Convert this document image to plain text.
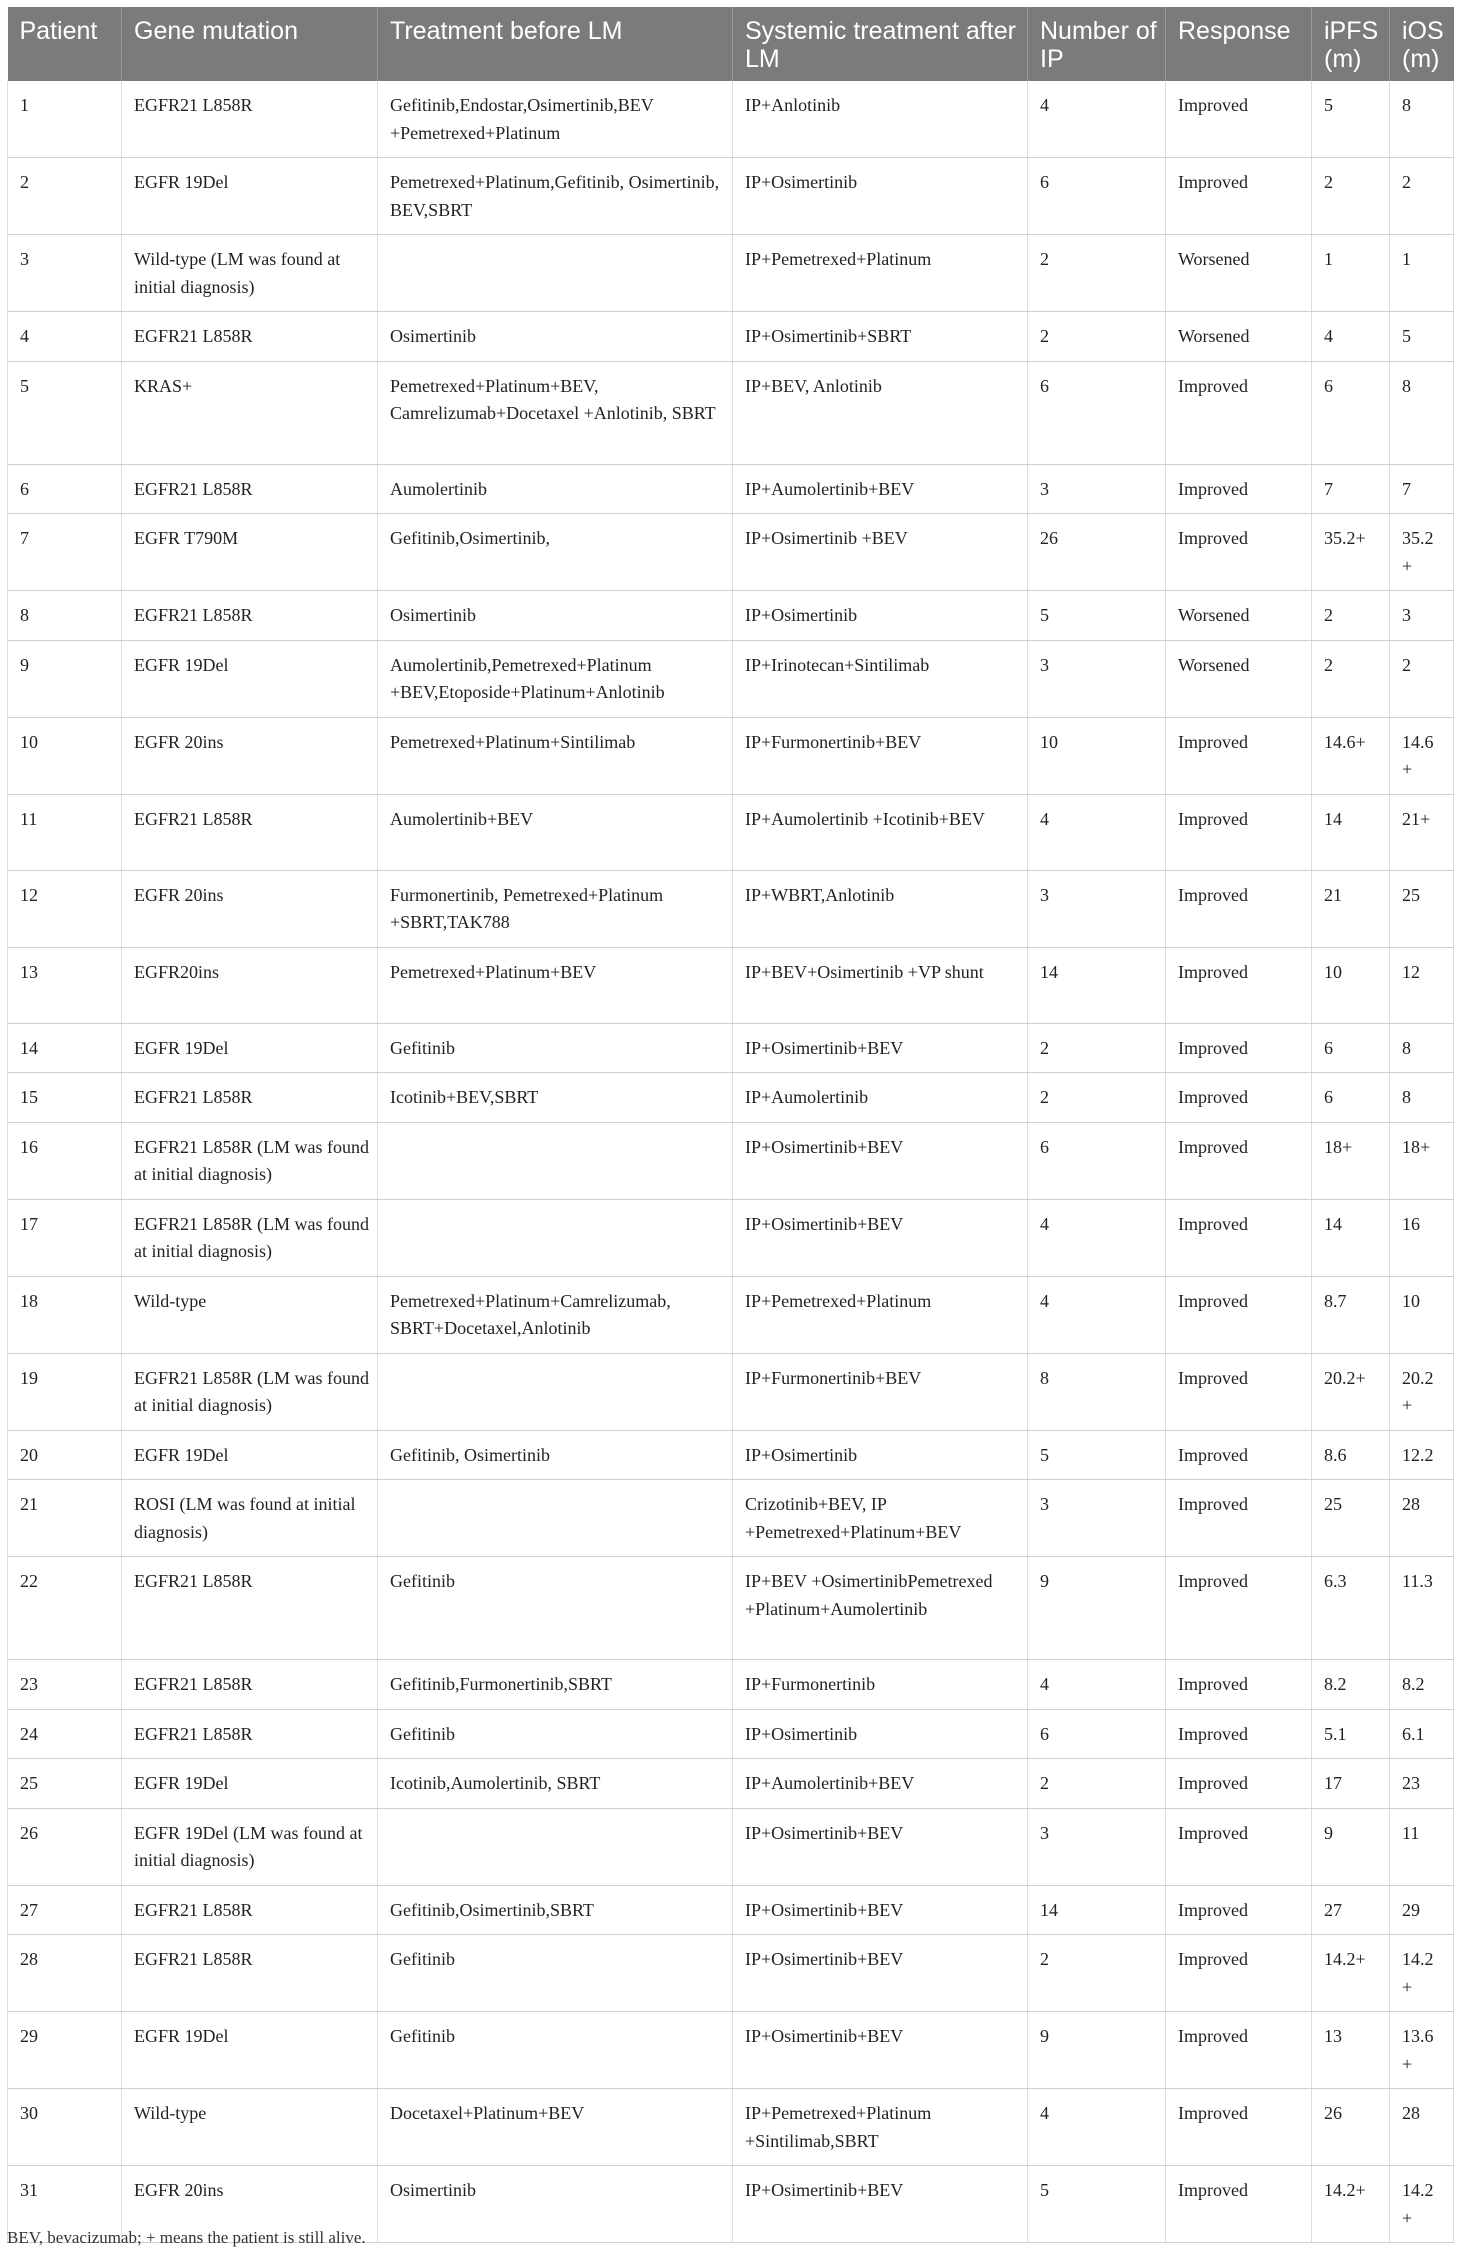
Patient	Gene mutation	Treatment before LM	Systemic treatment after LM	Number of IP	Response	iPFS (m)	iOS (m)
1	EGFR21 L858R	Gefitinib,Endostar,Osimertinib,BEV +Pemetrexed+Platinum	IP+Anlotinib	4	Improved	5	8
2	EGFR 19Del	Pemetrexed+Platinum,Gefitinib, Osimertinib, BEV,SBRT	IP+Osimertinib	6	Improved	2	2
3	Wild-type (LM was found at initial diagnosis)		IP+Pemetrexed+Platinum	2	Worsened	1	1
4	EGFR21 L858R	Osimertinib	IP+Osimertinib+SBRT	2	Worsened	4	5
5	KRAS+	Pemetrexed+Platinum+BEV, Camrelizumab+Docetaxel +Anlotinib, SBRT	IP+BEV, Anlotinib	6	Improved	6	8
6	EGFR21 L858R	Aumolertinib	IP+Aumolertinib+BEV	3	Improved	7	7
7	EGFR T790M	Gefitinib,Osimertinib,	IP+Osimertinib +BEV	26	Improved	35.2+	35.2 +
8	EGFR21 L858R	Osimertinib	IP+Osimertinib	5	Worsened	2	3
9	EGFR 19Del	Aumolertinib,Pemetrexed+Platinum +BEV,Etoposide+Platinum+Anlotinib	IP+Irinotecan+Sintilimab	3	Worsened	2	2
10	EGFR 20ins	Pemetrexed+Platinum+Sintilimab	IP+Furmonertinib+BEV	10	Improved	14.6+	14.6 +
11	EGFR21 L858R	Aumolertinib+BEV	IP+Aumolertinib +Icotinib+BEV	4	Improved	14	21+
12	EGFR 20ins	Furmonertinib, Pemetrexed+Platinum +SBRT,TAK788	IP+WBRT,Anlotinib	3	Improved	21	25
13	EGFR20ins	Pemetrexed+Platinum+BEV	IP+BEV+Osimertinib +VP shunt	14	Improved	10	12
14	EGFR 19Del	Gefitinib	IP+Osimertinib+BEV	2	Improved	6	8
15	EGFR21 L858R	Icotinib+BEV,SBRT	IP+Aumolertinib	2	Improved	6	8
16	EGFR21 L858R (LM was found at initial diagnosis)		IP+Osimertinib+BEV	6	Improved	18+	18+
17	EGFR21 L858R (LM was found at initial diagnosis)		IP+Osimertinib+BEV	4	Improved	14	16
18	Wild-type	Pemetrexed+Platinum+Camrelizumab, SBRT+Docetaxel,Anlotinib	IP+Pemetrexed+Platinum	4	Improved	8.7	10
19	EGFR21 L858R (LM was found at initial diagnosis)		IP+Furmonertinib+BEV	8	Improved	20.2+	20.2 +
20	EGFR 19Del	Gefitinib, Osimertinib	IP+Osimertinib	5	Improved	8.6	12.2
21	ROSI (LM was found at initial diagnosis)		Crizotinib+BEV, IP +Pemetrexed+Platinum+BEV	3	Improved	25	28
22	EGFR21 L858R	Gefitinib	IP+BEV +OsimertinibPemetrexed +Platinum+Aumolertinib	9	Improved	6.3	11.3
23	EGFR21 L858R	Gefitinib,Furmonertinib,SBRT	IP+Furmonertinib	4	Improved	8.2	8.2
24	EGFR21 L858R	Gefitinib	IP+Osimertinib	6	Improved	5.1	6.1
25	EGFR 19Del	Icotinib,Aumolertinib, SBRT	IP+Aumolertinib+BEV	2	Improved	17	23
26	EGFR 19Del (LM was found at initial diagnosis)		IP+Osimertinib+BEV	3	Improved	9	11
27	EGFR21 L858R	Gefitinib,Osimertinib,SBRT	IP+Osimertinib+BEV	14	Improved	27	29
28	EGFR21 L858R	Gefitinib	IP+Osimertinib+BEV	2	Improved	14.2+	14.2 +
29	EGFR 19Del	Gefitinib	IP+Osimertinib+BEV	9	Improved	13	13.6 +
30	Wild-type	Docetaxel+Platinum+BEV	IP+Pemetrexed+Platinum +Sintilimab,SBRT	4	Improved	26	28
31	EGFR 20ins	Osimertinib	IP+Osimertinib+BEV	5	Improved	14.2+	14.2 +
BEV, bevacizumab; + means the patient is still alive.
